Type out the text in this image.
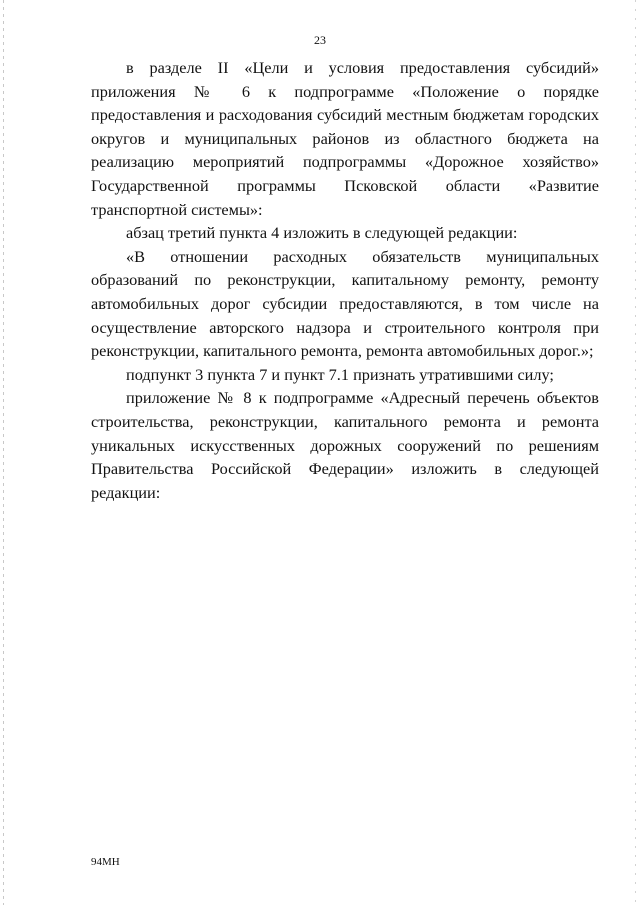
23

в разделе II «Цели и условия предоставления субсидий» приложения № 6 к подпрограмме «Положение о порядке предоставления и расходования субсидий местным бюджетам городских округов и муниципальных районов из областного бюджета на реализацию мероприятий подпрограммы «Дорожное хозяйство» Государственной программы Псковской области «Развитие транспортной системы»:

абзац третий пункта 4 изложить в следующей редакции:

«В отношении расходных обязательств муниципальных образований по реконструкции, капитальному ремонту, ремонту автомобильных дорог субсидии предоставляются, в том числе на осуществление авторского надзора и строительного контроля при реконструкции, капитального ремонта, ремонта автомобильных дорог.»;

подпункт 3 пункта 7 и пункт 7.1 признать утратившими силу;

приложение № 8 к подпрограмме «Адресный перечень объектов строительства, реконструкции, капитального ремонта и ремонта уникальных искусственных дорожных сооружений по решениям Правительства Российской Федерации» изложить в следующей редакции:

94МН
